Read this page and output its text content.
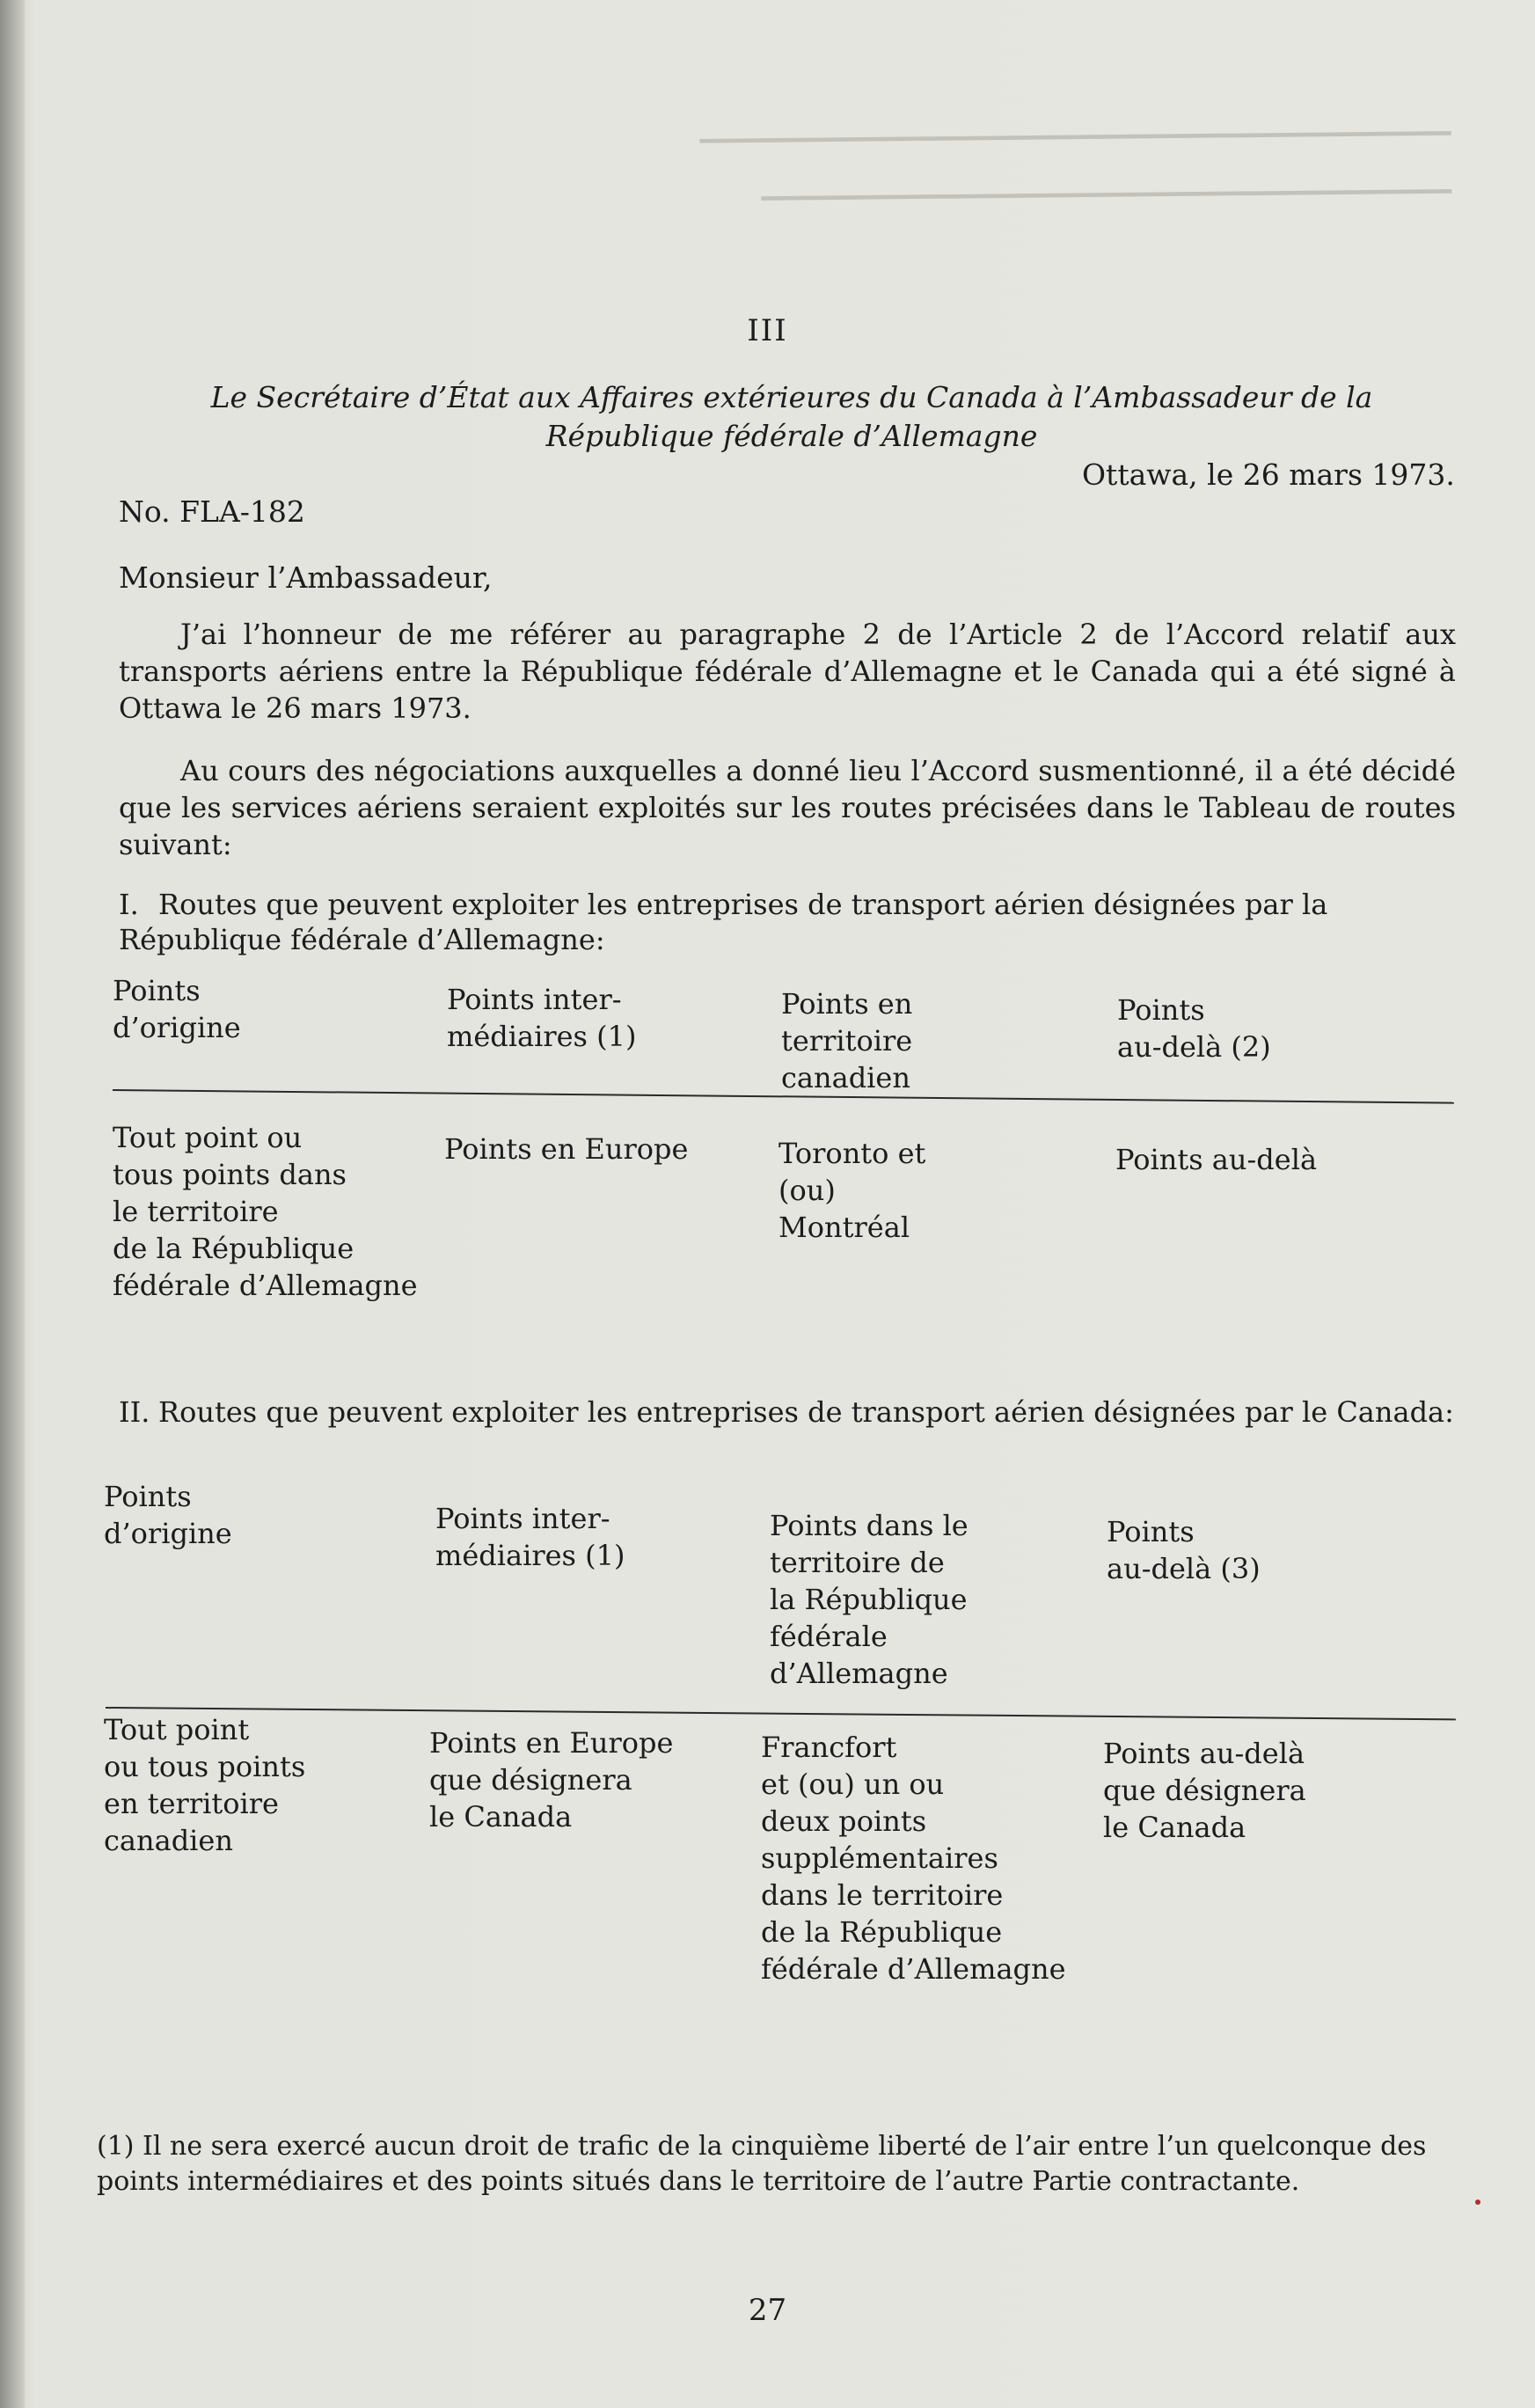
▔▔▔▔▔▔▔▔▔▔▔▔▔▔▔▔▔▔▔▔▔▔▔▔▔▔▔▔▔▔▔▔▔▔▔▔▔

▔▔▔▔▔▔▔▔▔▔▔▔▔▔▔▔▔▔▔▔▔▔▔▔▔▔▔▔▔▔▔▔▔▔

III
Le Secrétaire d’État aux Affaires extérieures du Canada à l’Ambassadeur de la République fédérale d’Allemagne
Ottawa, le 26 mars 1973.
No. FLA-182
Monsieur l’Ambassadeur,
J’ai l’honneur de me référer au paragraphe 2 de l’Article 2 de l’Accord relatif aux transports aériens entre la République fédérale d’Allemagne et le Canada qui a été signé à Ottawa le 26 mars 1973.
Au cours des négociations auxquelles a donné lieu l’Accord susmentionné, il a été décidé que les services aériens seraient exploités sur les routes précisées dans le Tableau de routes suivant:
I. Routes que peuvent exploiter les entreprises de transport aérien désignées par la République fédérale d’Allemagne:
Points
d’origine
Points inter-
médiaires (1)
Points en
territoire
canadien
Points
au-delà (2)
Tout point ou
tous points dans
le territoire
de la République
fédérale d’Allemagne
Points en Europe	Toronto et
(ou)
Montréal
Points au-delà
II. Routes que peuvent exploiter les entreprises de transport aérien désignées par le Canada:
Points
d’origine	Points inter-
médiaires (1)
Points dans le
territoire de
la République
fédérale
d’Allemagne
Points
au-delà (3)
Tout point
ou tous points
en territoire
canadien
Points en Europe
que désignera
le Canada
Francfort
et (ou) un ou
deux points
supplémentaires
dans le territoire
de la République
fédérale d’Allemagne
Points au-delà
que désignera
le Canada
(1) Il ne sera exercé aucun droit de trafic de la cinquième liberté de l’air entre l’un quelconque des points intermédiaires et des points situés dans le territoire de l’autre Partie contractante.
27
